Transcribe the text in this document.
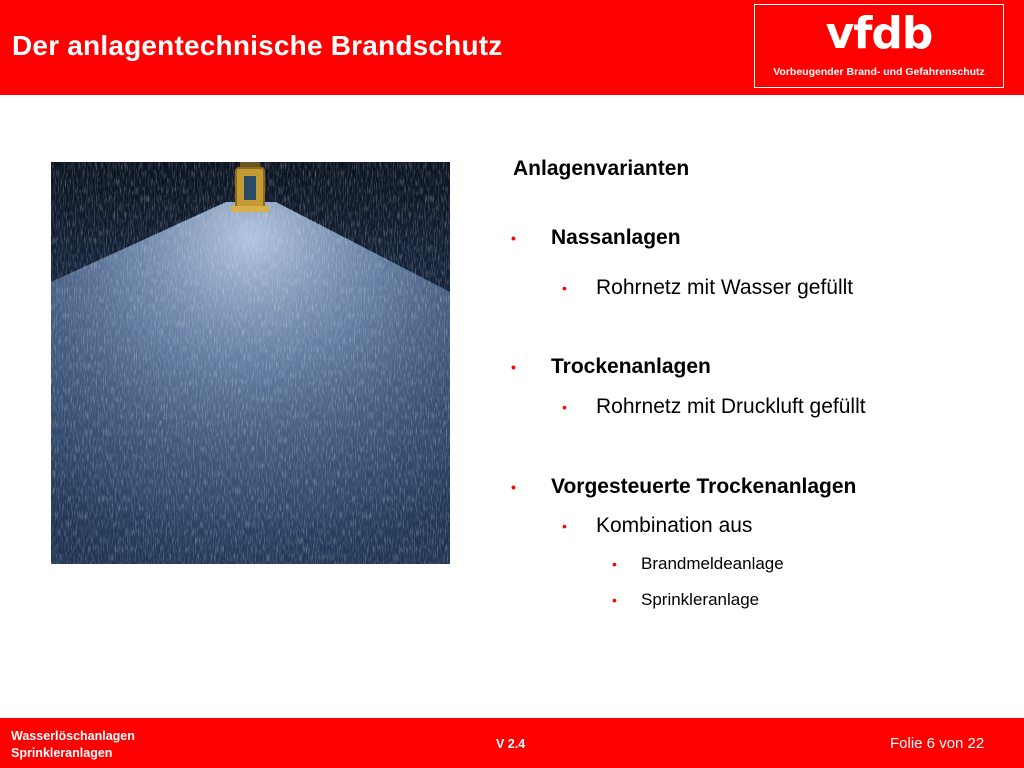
Der anlagentechnische Brandschutz	vfdb
Vorbeugender Brand- und Gefahrenschutz
Anlagenvarianten
• Nassanlagen
• Rohrnetz mit Wasser gefüllt
• Trockenanlagen
• Rohrnetz mit Druckluft gefüllt
• Vorgesteuerte Trockenanlagen
• Kombination aus
• Brandmeldeanlage
• Sprinkleranlage
Wasserlöschanlagen
Sprinkleranlagen
V 2.4	Folie 6 von 22
